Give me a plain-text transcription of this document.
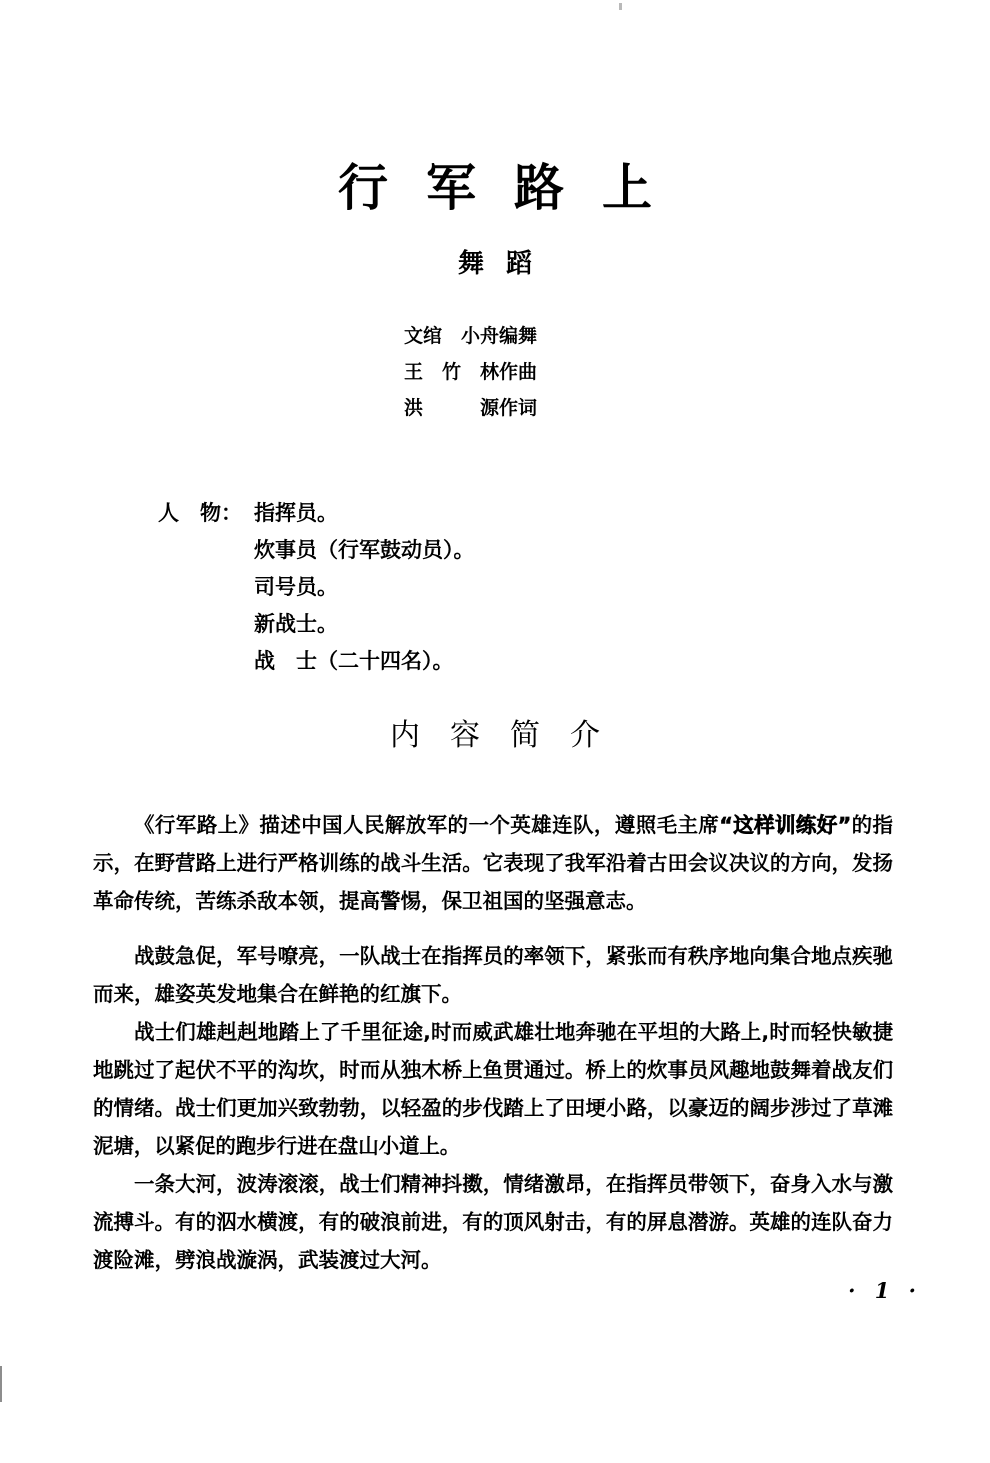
行军路上
舞蹈
文绾　小舟编舞
王　竹　林作曲
洪　　　源作词
人　物： 指挥员。
炊事员（行军鼓动员）。
司号员。
新战士。
战　士（二十四名）。
内容简介

《行军路上》描述中国人民解放军的一个英雄连队，遵照毛主席“这样训练好”的指示，在野营路上进行严格训练的战斗生活。它表现了我军沿着古田会议决议的方向，发扬革命传统，苦练杀敌本领，提高警惕，保卫祖国的坚强意志。

战鼓急促，军号嘹亮，一队战士在指挥员的率领下，紧张而有秩序地向集合地点疾驰而来，雄姿英发地集合在鲜艳的红旗下。

战士们雄赳赳地踏上了千里征途,时而威武雄壮地奔驰在平坦的大路上,时而轻快敏捷地跳过了起伏不平的沟坎，时而从独木桥上鱼贯通过。桥上的炊事员风趣地鼓舞着战友们的情绪。战士们更加兴致勃勃，以轻盈的步伐踏上了田埂小路，以豪迈的阔步涉过了草滩泥塘，以紧促的跑步行进在盘山小道上。

一条大河，波涛滚滚，战士们精神抖擞，情绪激昂，在指挥员带领下，奋身入水与激流搏斗。有的泅水横渡，有的破浪前进，有的顶风射击，有的屏息潜游。英雄的连队奋力渡险滩，劈浪战漩涡，武装渡过大河。

· 1 ·
